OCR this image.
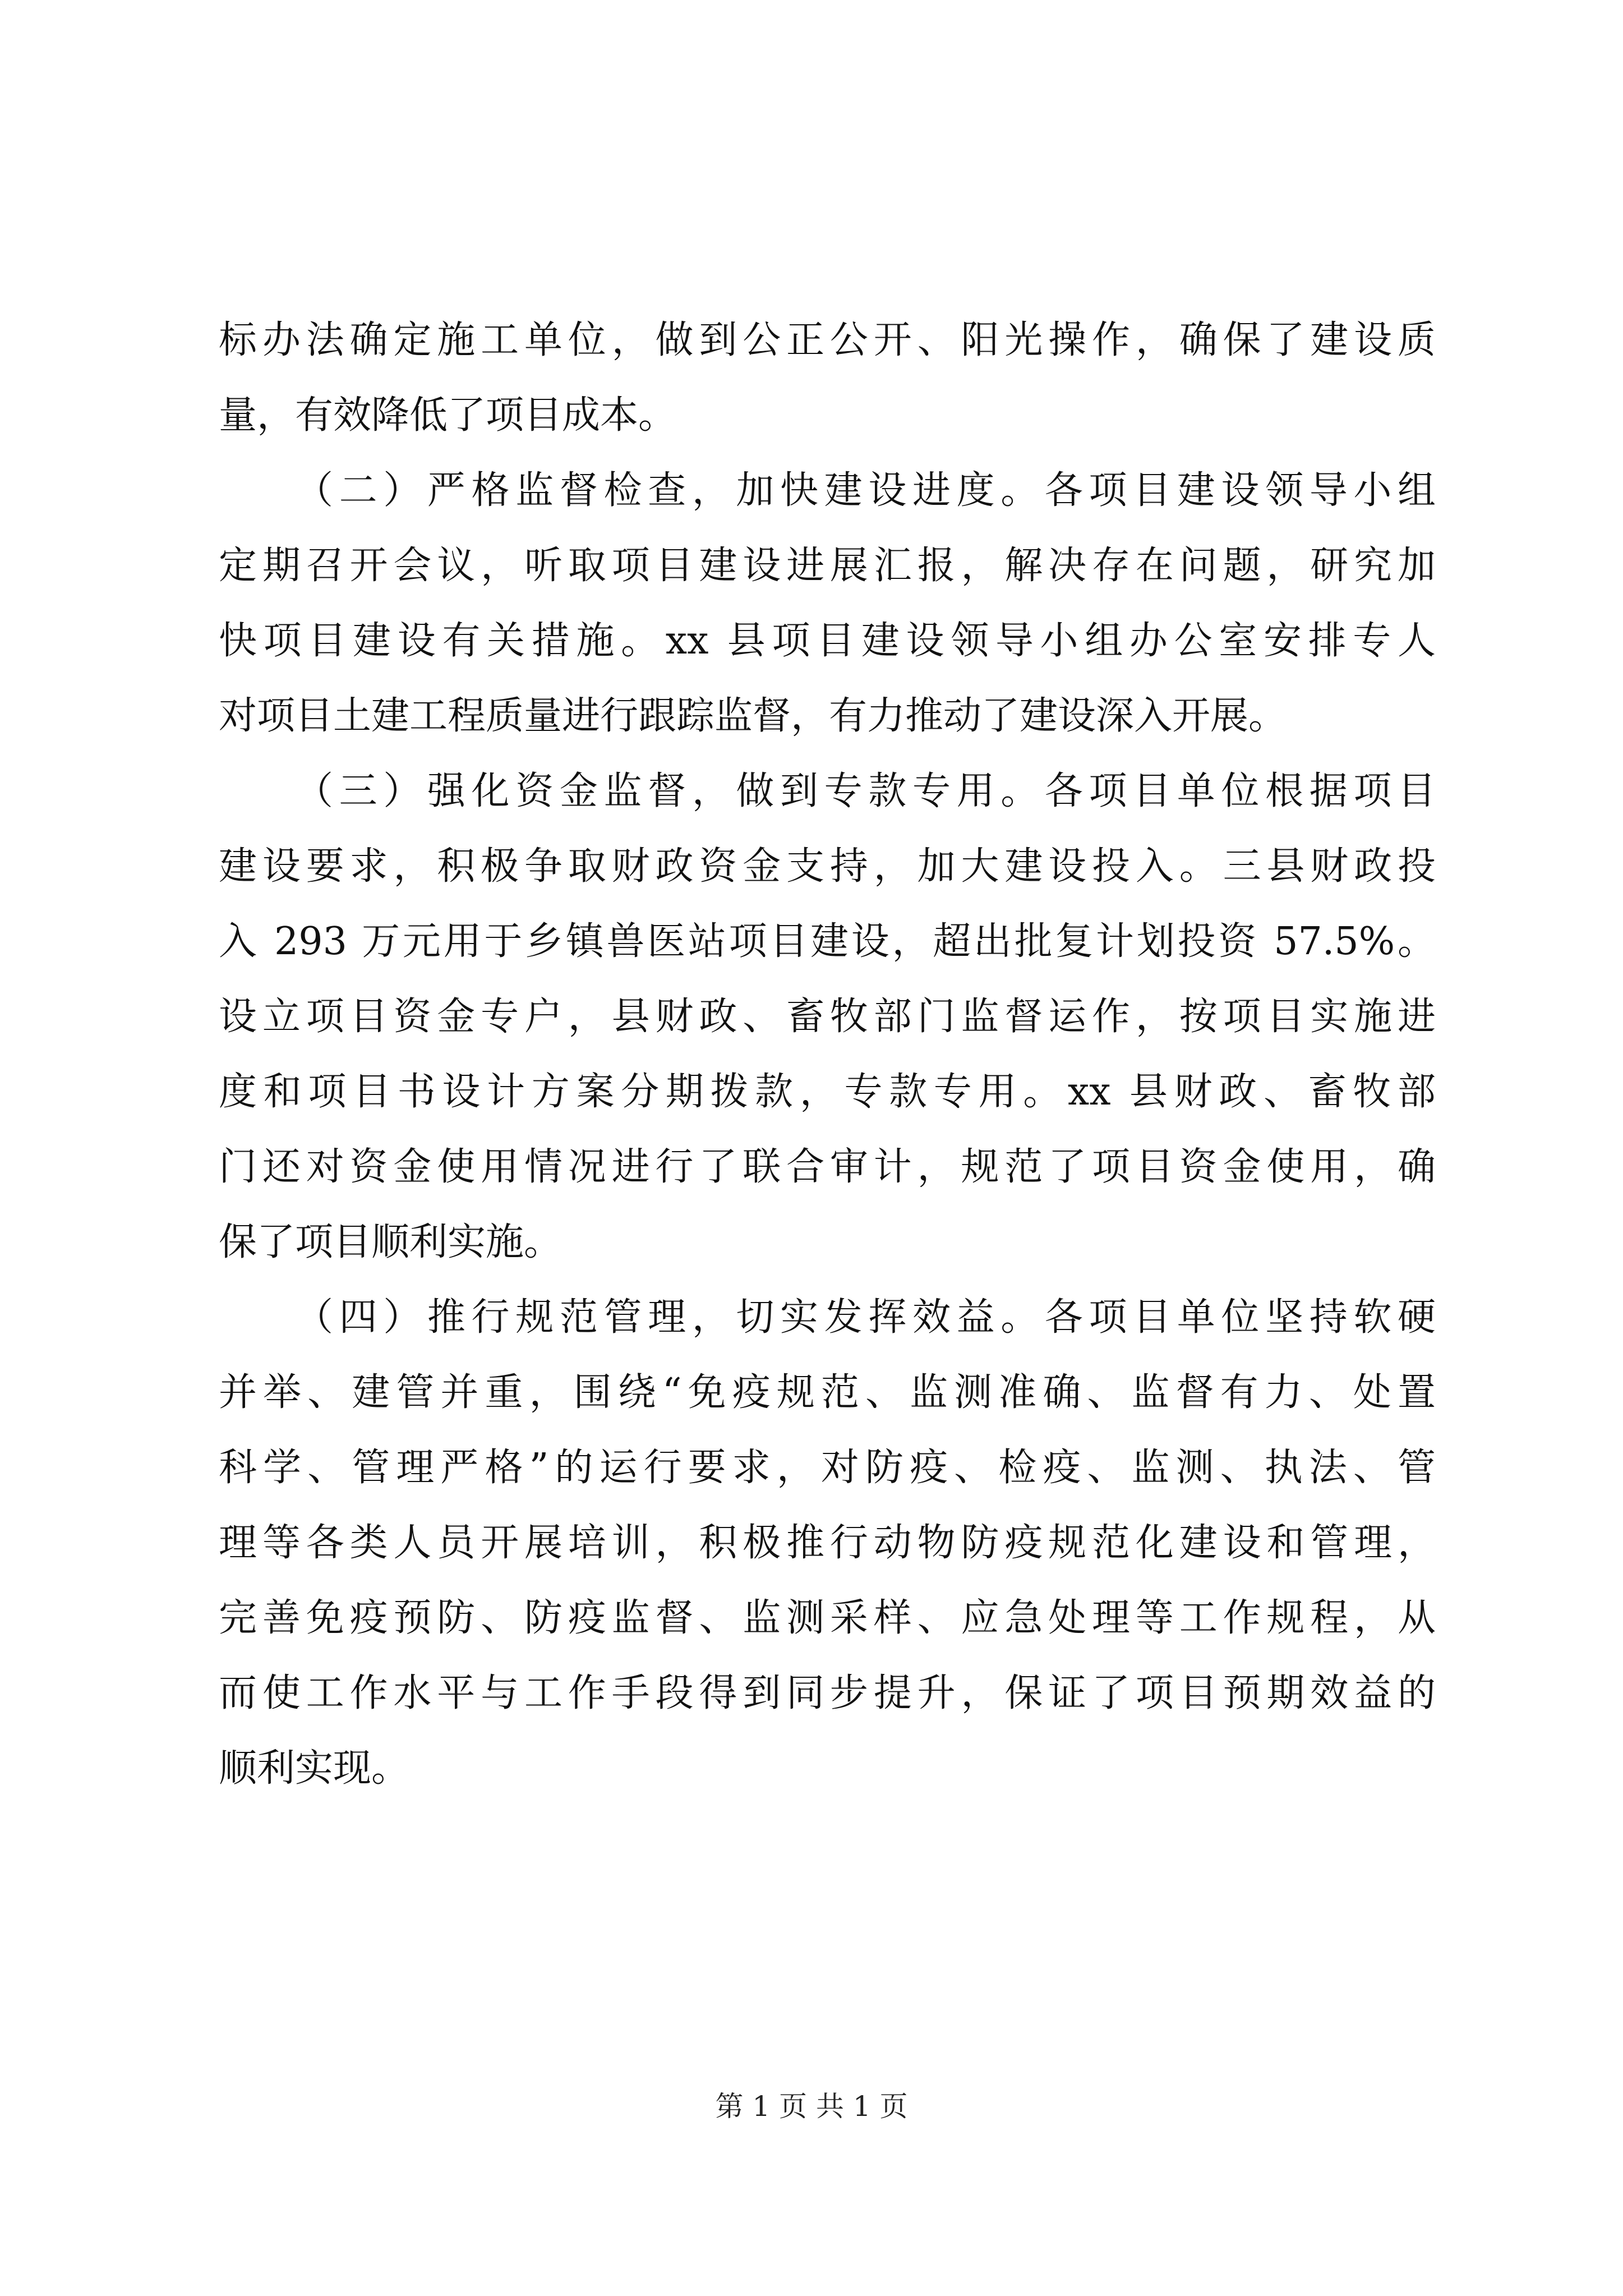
标办法确定施工单位，做到公正公开、阳光操作，确保了建设质
量，有效降低了项目成本。
（二）严格监督检查，加快建设进度。各项目建设领导小组
定期召开会议，听取项目建设进展汇报，解决存在问题，研究加
快项目建设有关措施。xx 县项目建设领导小组办公室安排专人
对项目土建工程质量进行跟踪监督，有力推动了建设深入开展。
（三）强化资金监督，做到专款专用。各项目单位根据项目
建设要求，积极争取财政资金支持，加大建设投入。三县财政投
入 293 万元用于乡镇兽医站项目建设，超出批复计划投资 57.5%。
设立项目资金专户，县财政、畜牧部门监督运作，按项目实施进
度和项目书设计方案分期拨款，专款专用。xx 县财政、畜牧部
门还对资金使用情况进行了联合审计，规范了项目资金使用，确
保了项目顺利实施。
（四）推行规范管理，切实发挥效益。各项目单位坚持软硬
并举、建管并重，围绕“免疫规范、监测准确、监督有力、处置
科学、管理严格”的运行要求，对防疫、检疫、监测、执法、管
理等各类人员开展培训，积极推行动物防疫规范化建设和管理，
完善免疫预防、防疫监督、监测采样、应急处理等工作规程，从
而使工作水平与工作手段得到同步提升，保证了项目预期效益的
顺利实现。
第 1 页 共 1 页
